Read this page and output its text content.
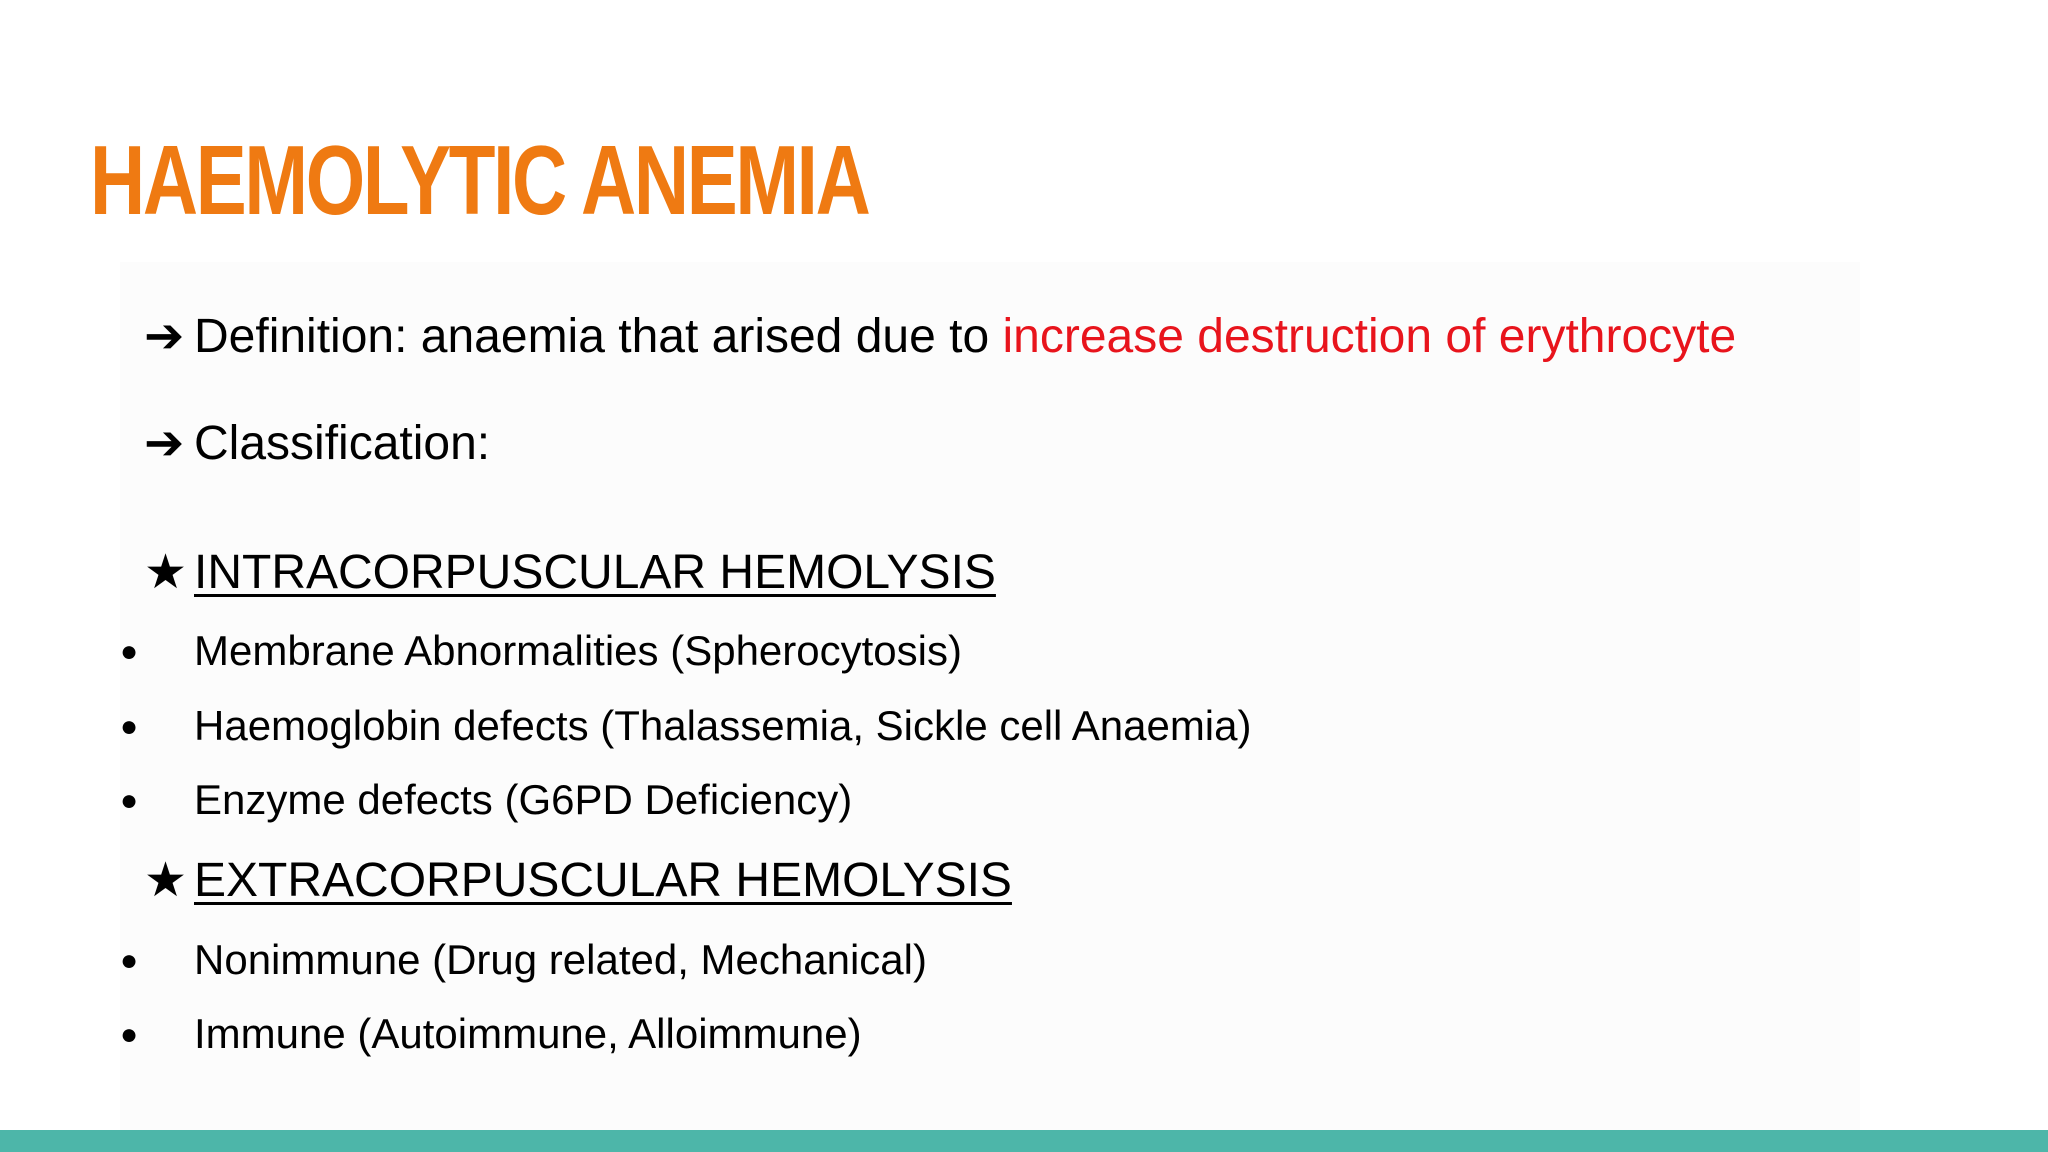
HAEMOLYTIC ANEMIA
➔ Definition: anaemia that arised due to increase destruction of erythrocyte
➔ Classification:
★ INTRACORPUSCULAR HEMOLYSIS
● Membrane Abnormalities (Spherocytosis)
● Haemoglobin defects (Thalassemia, Sickle cell Anaemia)
● Enzyme defects (G6PD Deficiency)
★ EXTRACORPUSCULAR HEMOLYSIS
● Nonimmune (Drug related, Mechanical)
● Immune (Autoimmune, Alloimmune)
